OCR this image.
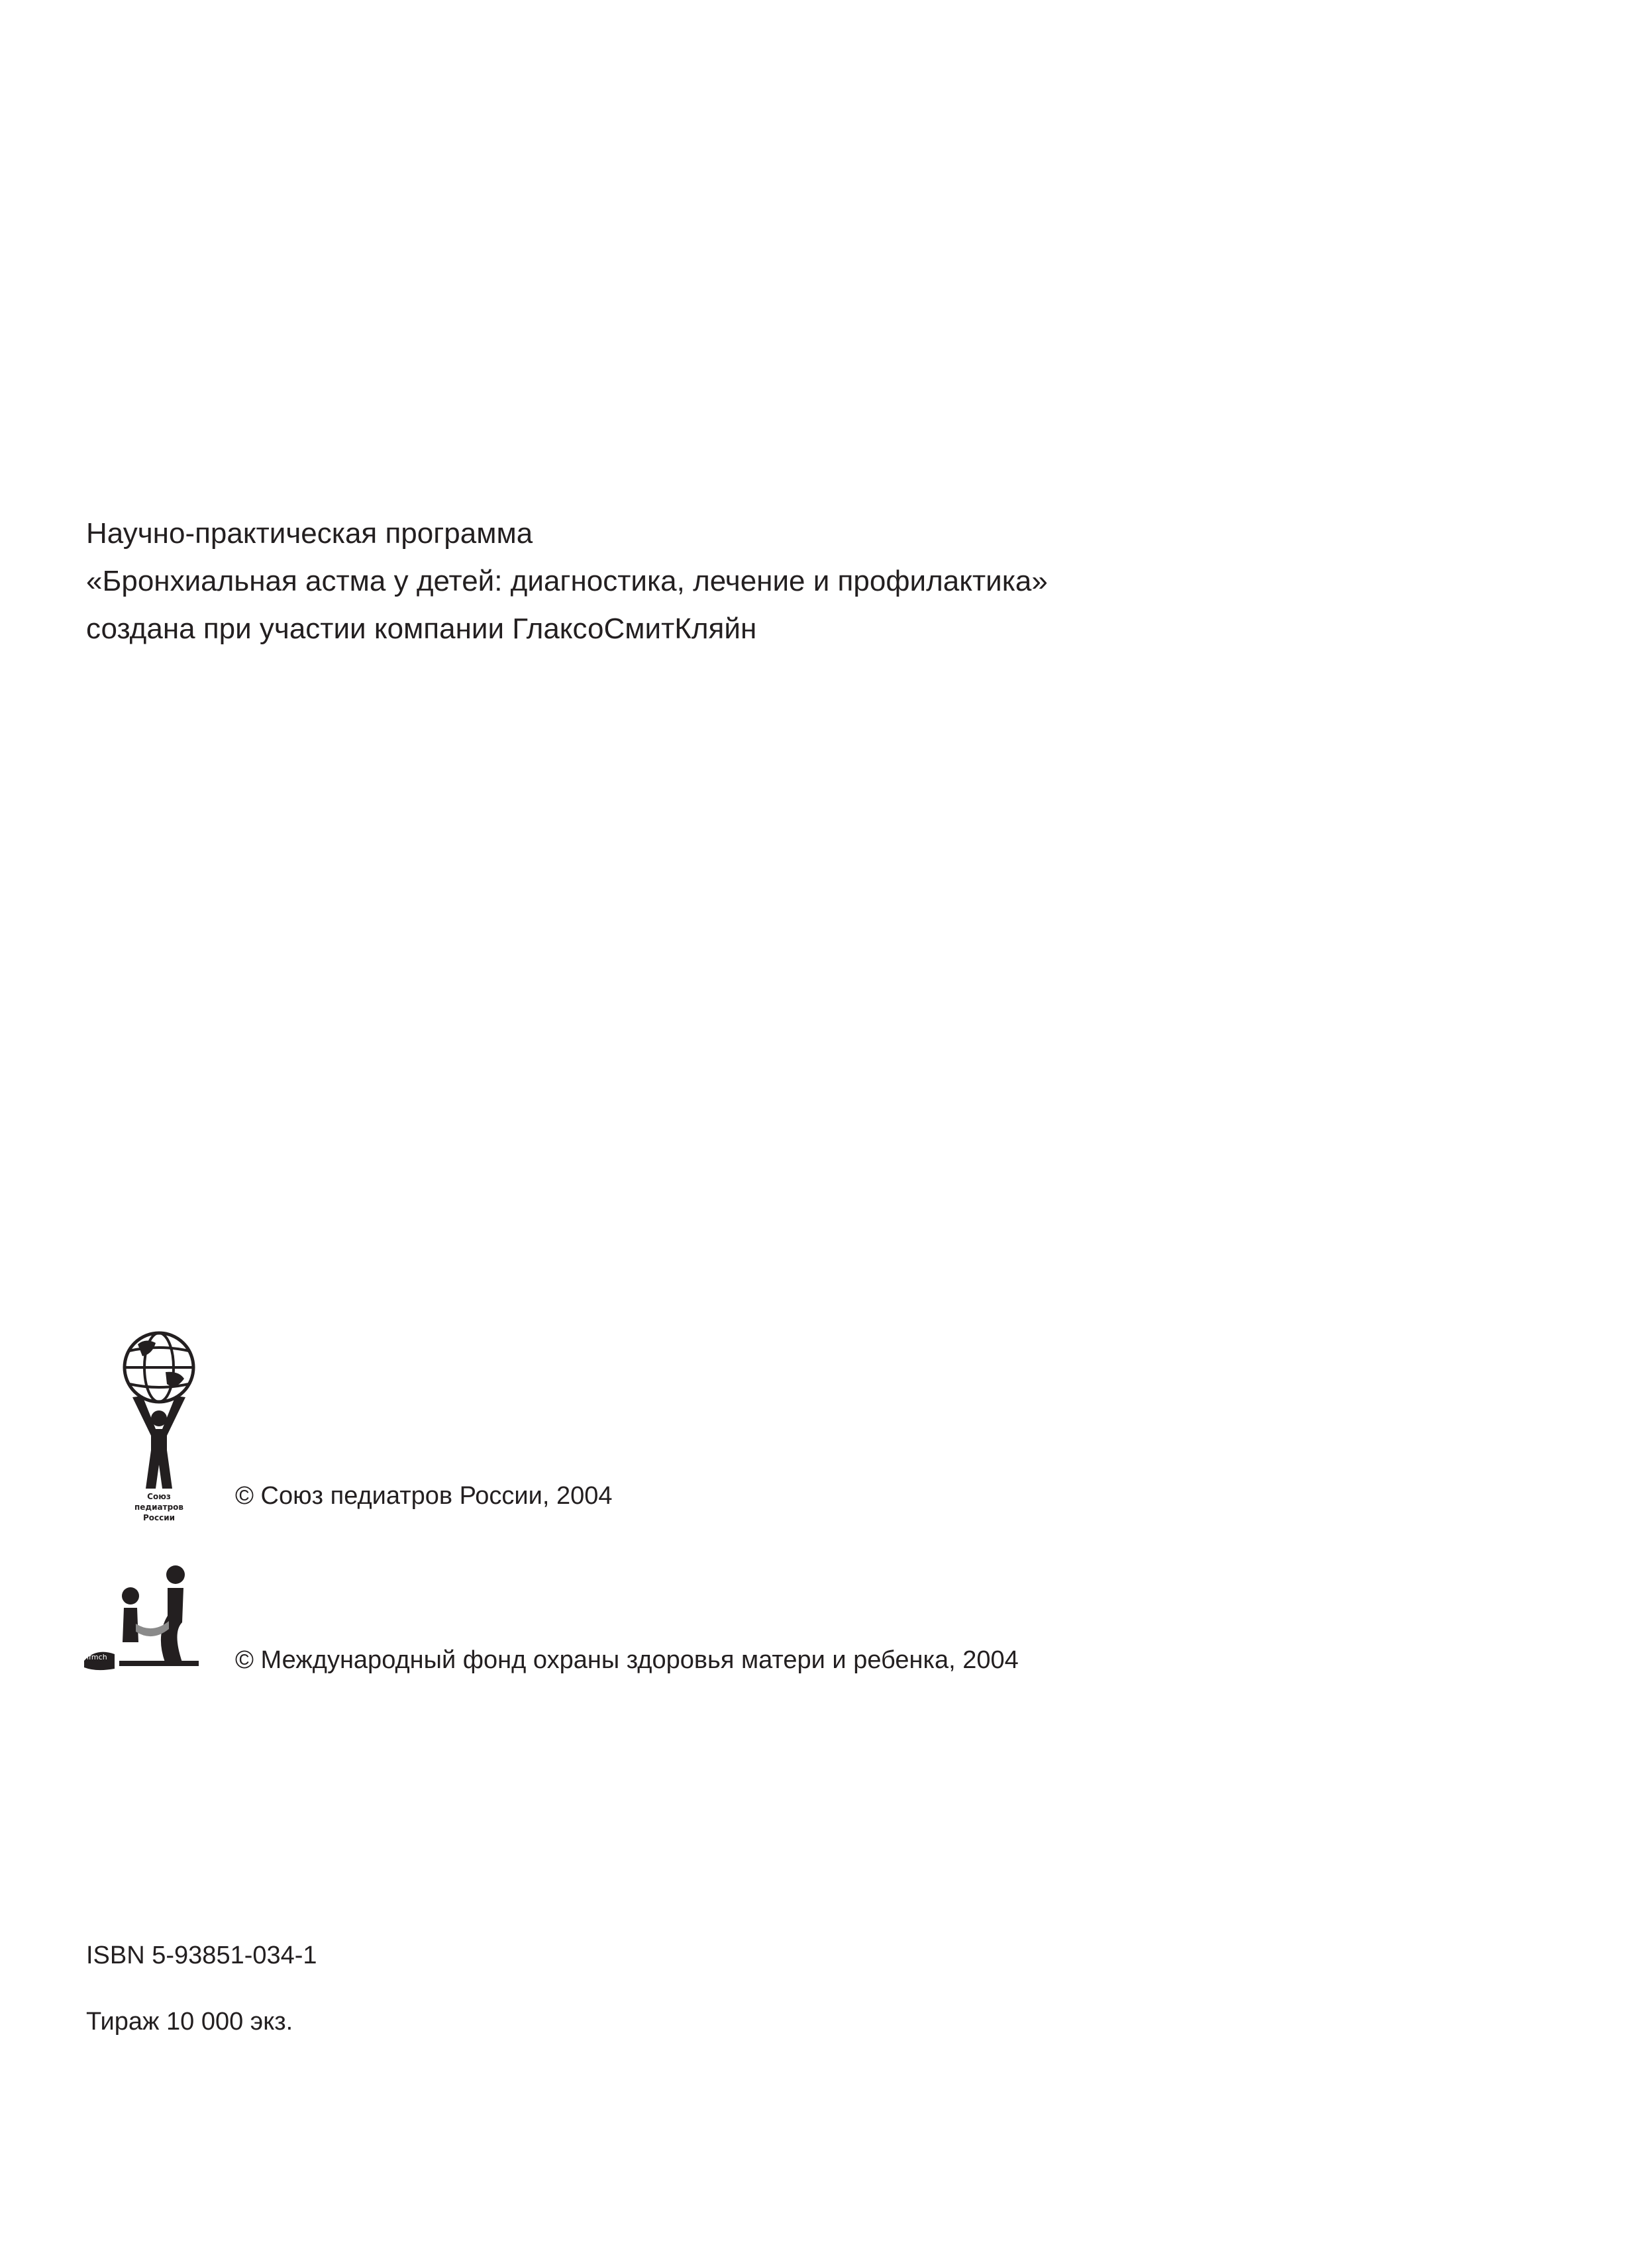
Научно-практическая программа
«Бронхиальная астма у детей: диагностика, лечение и профилактика»
создана при участии компании ГлаксоСмитКляйн
Союз
педиатров
России
© Союз педиатров России, 2004
ifmch	© Международный фонд охраны здоровья матери и ребенка, 2004
ISBN 5-93851-034-1
Тираж 10 000 экз.
